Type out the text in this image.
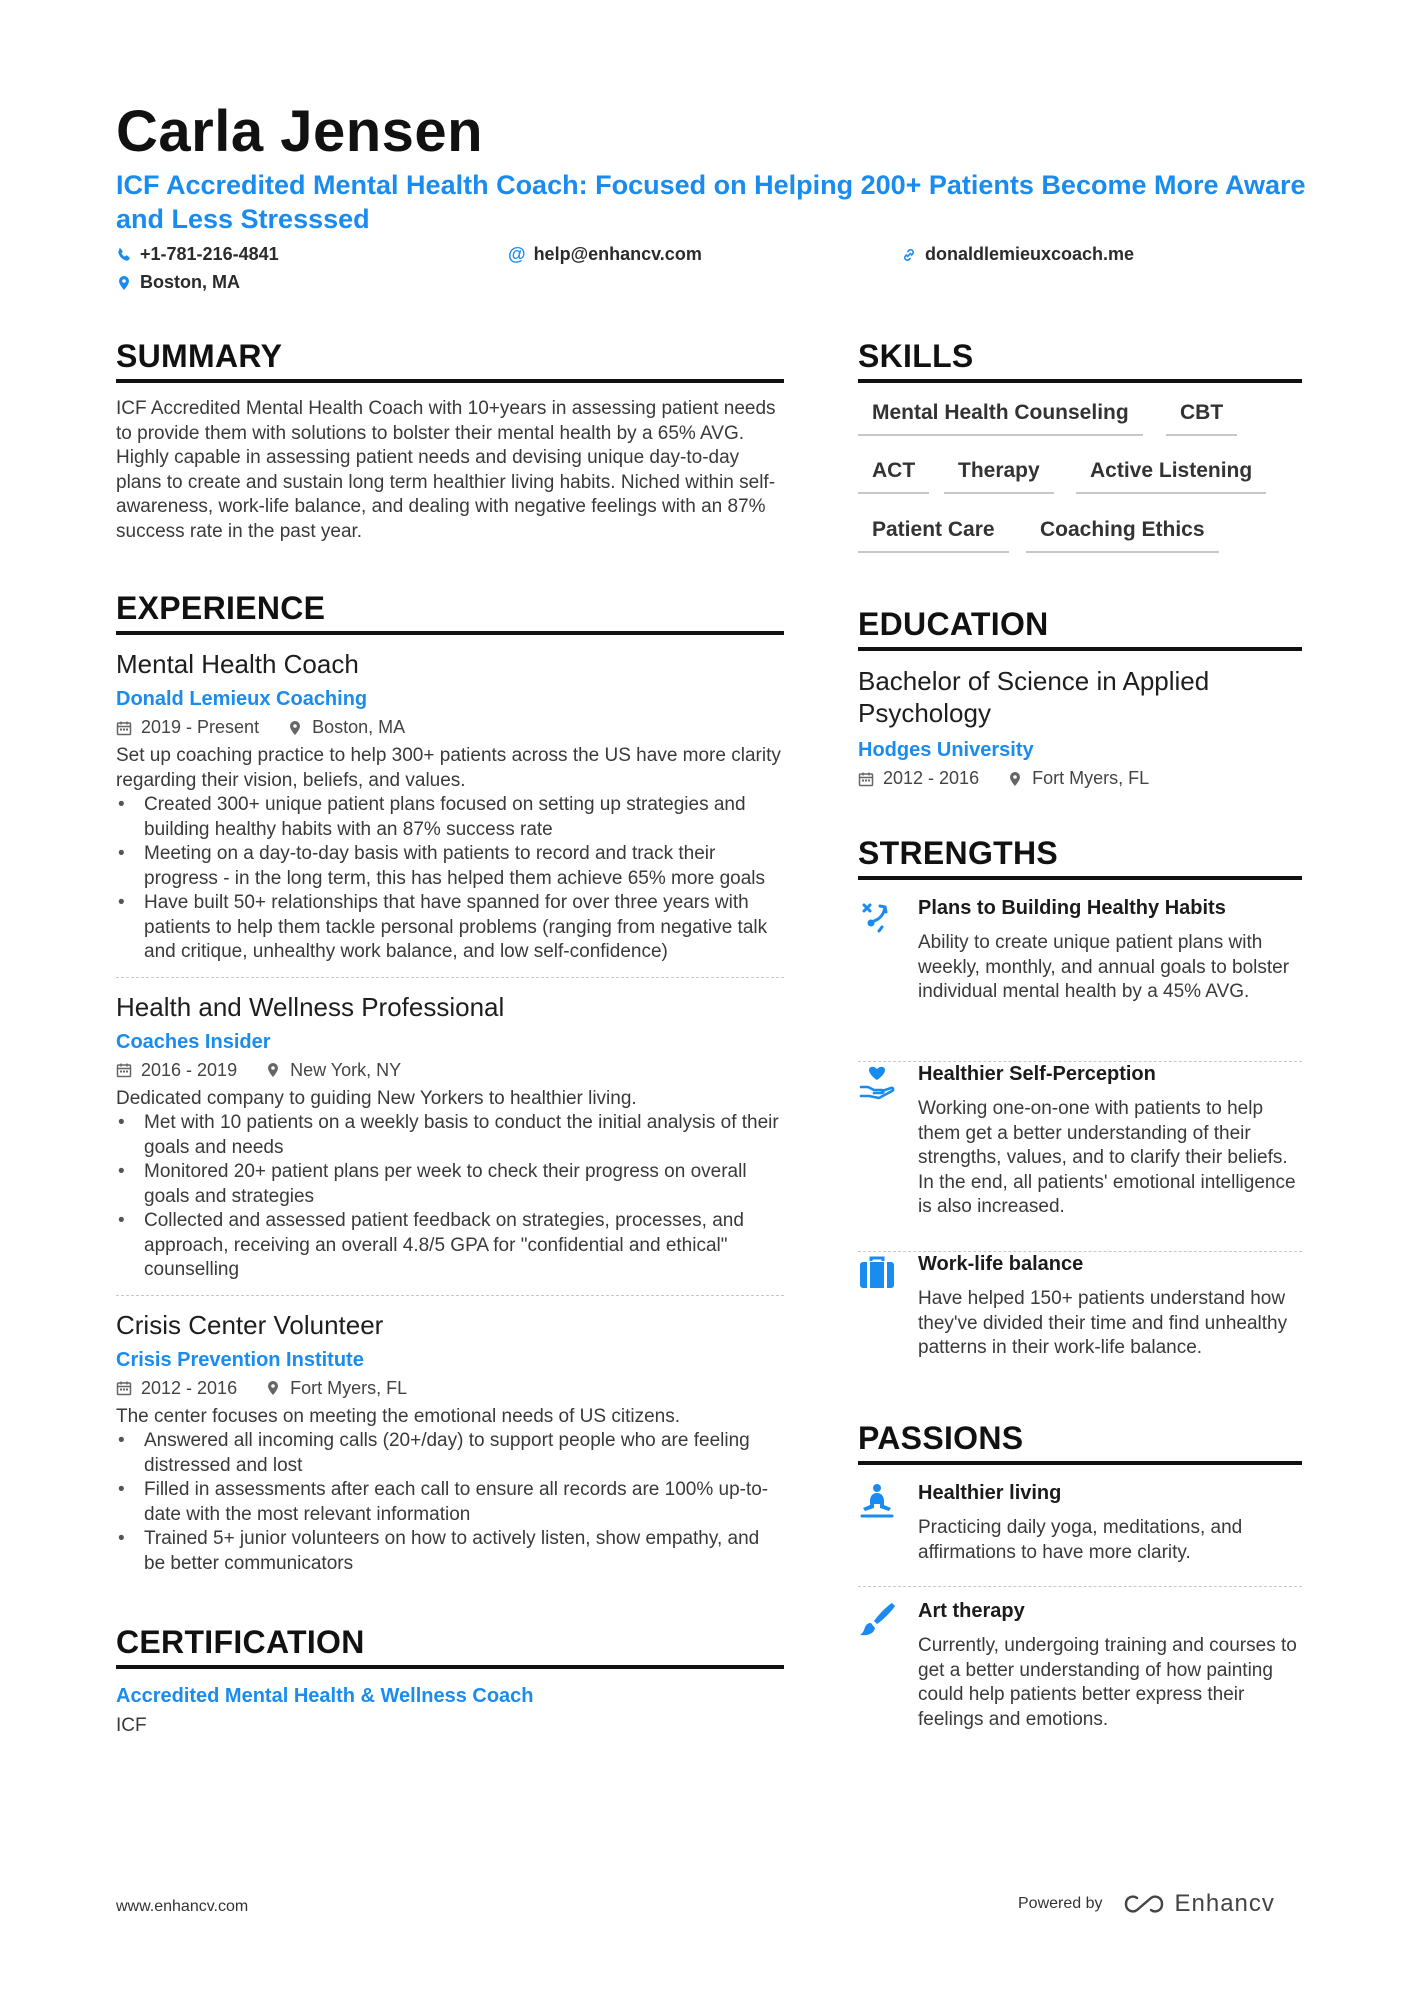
Carla Jensen

ICF Accredited Mental Health Coach: Focused on Helping 200+ Patients Become More Aware and Less Stresssed

+1-781-216-4841	@ help@enhancv.com	donaldlemieuxcoach.me
Boston, MA
SUMMARY

ICF Accredited Mental Health Coach with 10+years in assessing patient needs to provide them with solutions to bolster their mental health by a 65% AVG. Highly capable in assessing patient needs and devising unique day-to-day plans to create and sustain long term healthier living habits. Niched within self-awareness, work-life balance, and dealing with negative feelings with an 87% success rate in the past year.

EXPERIENCE
Mental Health Coach

Donald Lemieux Coaching

2019 - Present	Boston, MA

Set up coaching practice to help 300+ patients across the US have more clarity regarding their vision, beliefs, and values.

• Created 300+ unique patient plans focused on setting up strategies and building healthy habits with an 87% success rate
• Meeting on a day-to-day basis with patients to record and track their progress - in the long term, this has helped them achieve 65% more goals
• Have built 50+ relationships that have spanned for over three years with patients to help them tackle personal problems (ranging from negative talk and critique, unhealthy work balance, and low self-confidence)
Health and Wellness Professional

Coaches Insider

2016 - 2019	New York, NY

Dedicated company to guiding New Yorkers to healthier living.

• Met with 10 patients on a weekly basis to conduct the initial analysis of their goals and needs
• Monitored 20+ patient plans per week to check their progress on overall goals and strategies
• Collected and assessed patient feedback on strategies, processes, and approach, receiving an overall 4.8/5 GPA for "confidential and ethical" counselling
Crisis Center Volunteer

Crisis Prevention Institute

2012 - 2016	Fort Myers, FL

The center focuses on meeting the emotional needs of US citizens.

• Answered all incoming calls (20+/day) to support people who are feeling distressed and lost
• Filled in assessments after each call to ensure all records are 100% up-to-date with the most relevant information
• Trained 5+ junior volunteers on how to actively listen, show empathy, and be better communicators
CERTIFICATION

Accredited Mental Health & Wellness Coach

ICF

SKILLS
Mental Health Counseling	CBT
ACT	Therapy	Active Listening
Patient Care	Coaching Ethics
EDUCATION
Bachelor of Science in Applied Psychology

Hodges University

2012 - 2016	Fort Myers, FL
STRENGTHS

Plans to Building Healthy Habits

Ability to create unique patient plans with weekly, monthly, and annual goals to bolster individual mental health by a 45% AVG.

Healthier Self-Perception

Working one-on-one with patients to help them get a better understanding of their strengths, values, and to clarify their beliefs. In the end, all patients' emotional intelligence is also increased.

Work-life balance

Have helped 150+ patients understand how they've divided their time and find unhealthy patterns in their work-life balance.

PASSIONS

Healthier living

Practicing daily yoga, meditations, and affirmations to have more clarity.

Art therapy

Currently, undergoing training and courses to get a better understanding of how painting could help patients better express their feelings and emotions.

www.enhancv.com	Powered by	Enhancv
